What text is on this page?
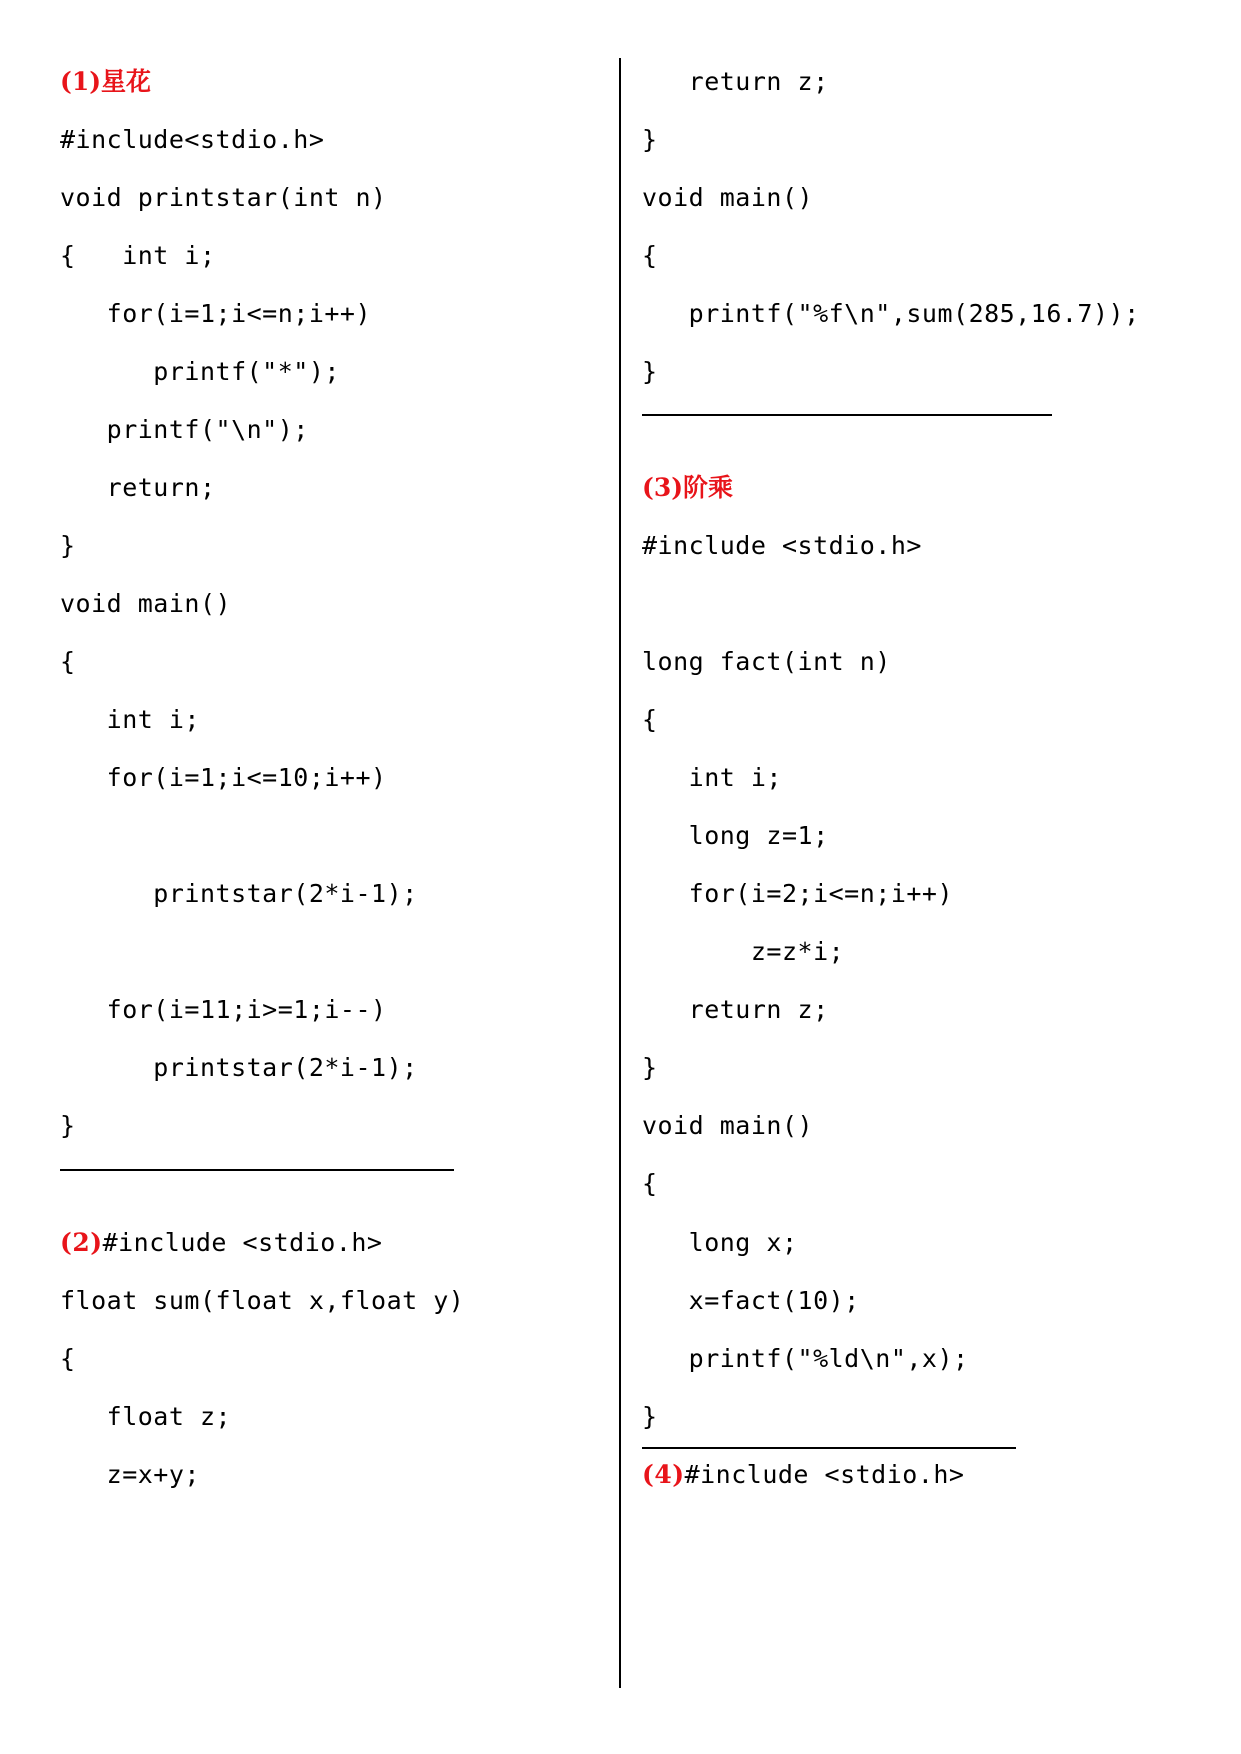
(1)星花
#include<stdio.h>
void printstar(int n)
{   int i;
for(i=1;i<=n;i++)
printf("*");
printf("\n");
return;
}
void main()
{
int i;
for(i=1;i<=10;i++)
printstar(2*i-1);
for(i=11;i>=1;i--)
printstar(2*i-1);
}
(2)#include <stdio.h>
float sum(float x,float y)
{
float z;
z=x+y;
return z;
}
void main()
{
printf("%f\n",sum(285,16.7));
}
(3)阶乘
#include <stdio.h>
long fact(int n)
{
int i;
long z=1;
for(i=2;i<=n;i++)
z=z*i;
return z;
}
void main()
{
long x;
x=fact(10);
printf("%ld\n",x);
}
(4)#include <stdio.h>
